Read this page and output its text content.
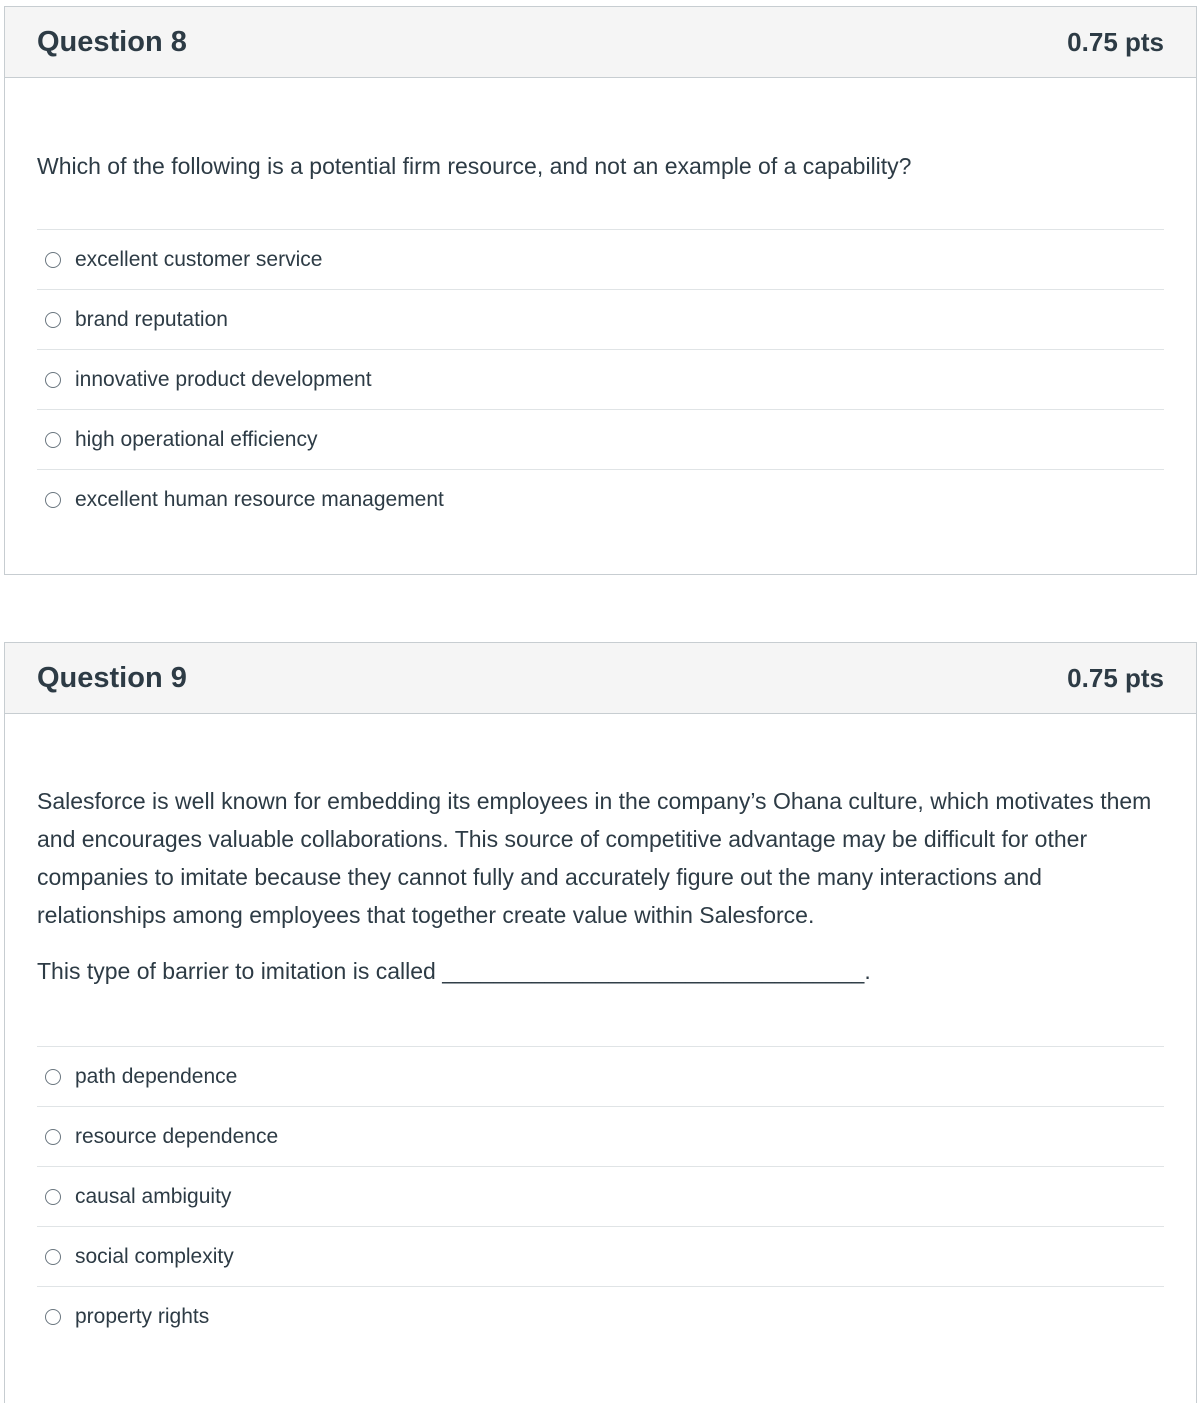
Question 8	0.75 pts

Which of the following is a potential firm resource, and not an example of a capability?

excellent customer service
brand reputation
innovative product development
high operational efficiency
excellent human resource management
Question 9	0.75 pts

Salesforce is well known for embedding its employees in the company’s Ohana culture, which motivates them and encourages valuable collaborations. This source of competitive advantage may be difficult for other companies to imitate because they cannot fully and accurately figure out the many interactions and relationships among employees that together create value within Salesforce.

This type of barrier to imitation is called _________________________________.

path dependence
resource dependence
causal ambiguity
social complexity
property rights
